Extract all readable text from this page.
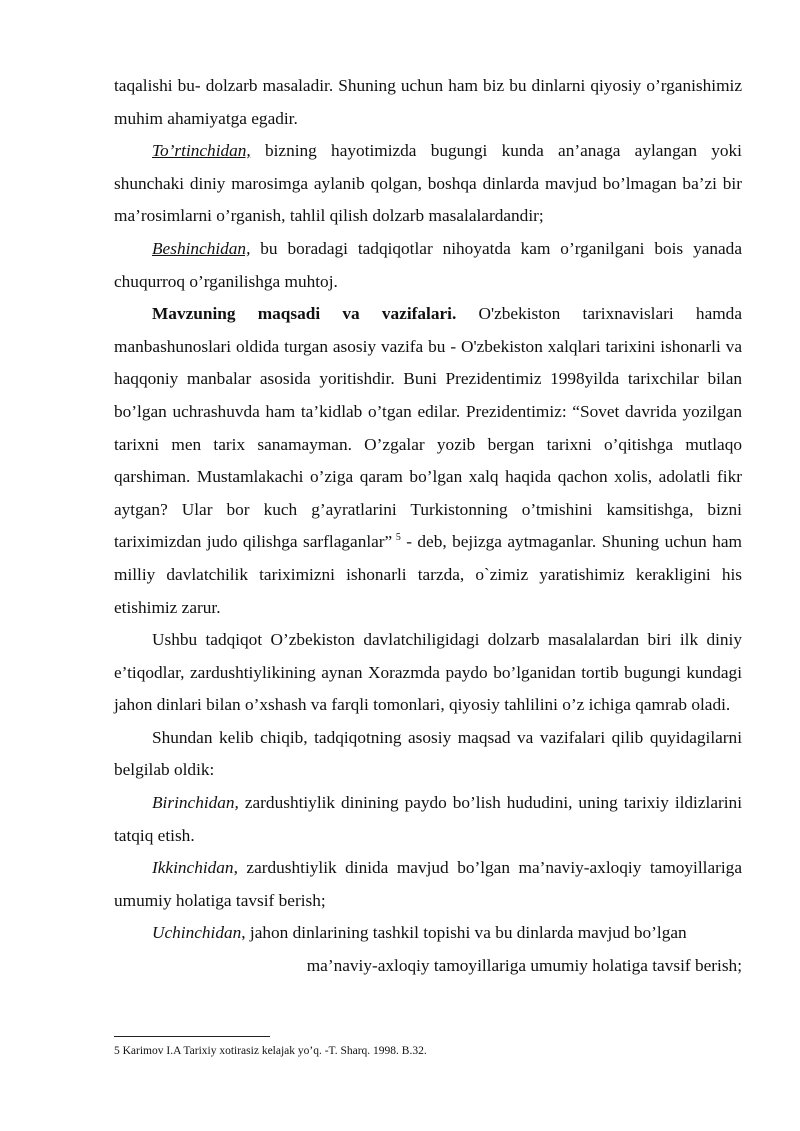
taqalishi bu- dolzarb masaladir. Shuning uchun ham biz bu dinlarni qiyosiy o’rganishimiz muhim ahamiyatga egadir.

To’rtinchidan, bizning hayotimizda bugungi kunda an’anaga aylangan yoki shunchaki diniy marosimga aylanib qolgan, boshqa dinlarda mavjud bo’lmagan ba’zi bir ma’rosimlarni o’rganish, tahlil qilish dolzarb masalalardandir;

Beshinchidan, bu boradagi tadqiqotlar nihoyatda kam o’rganilgani bois yanada chuqurroq o’rganilishga muhtoj.

Mavzuning maqsadi va vazifalari. O'zbekiston tarixnavislari hamda manbashunoslari oldida turgan asosiy vazifa bu - O'zbekiston xalqlari tarixini ishonarli va haqqoniy manbalar asosida yoritishdir. Buni Prezidentimiz 1998yilda tarixchilar bilan bo’lgan uchrashuvda ham ta’kidlab o’tgan edilar. Prezidentimiz: “Sovet davrida yozilgan tarixni men tarix sanamayman. O’zgalar yozib bergan tarixni o’qitishga mutlaqo qarshiman. Mustamlakachi o’ziga qaram bo’lgan xalq haqida qachon xolis, adolatli fikr aytgan? Ular bor kuch g’ayratlarini Turkistonning o’tmishini kamsitishga, bizni tariximizdan judo qilishga sarflaganlar” $^5$ - deb, bejizga aytmaganlar. Shuning uchun ham milliy davlatchilik tariximizni ishonarli tarzda, o`zimiz yaratishimiz kerakligini his etishimiz zarur.

Ushbu tadqiqot O’zbekiston davlatchiligidagi dolzarb masalalardan biri ilk diniy e’tiqodlar, zardushtiylikining aynan Xorazmda paydo bo’lganidan tortib bugungi kundagi jahon dinlari bilan o’xshash va farqli tomonlari, qiyosiy tahlilini o’z ichiga qamrab oladi.

Shundan kelib chiqib, tadqiqotning asosiy maqsad va vazifalari qilib quyidagilarni belgilab oldik:

Birinchidan, zardushtiylik dinining paydo bo’lish hududini, uning tarixiy ildizlarini tatqiq etish.

Ikkinchidan, zardushtiylik dinida mavjud bo’lgan ma’naviy-axloqiy tamoyillariga umumiy holatiga tavsif berish;

Uchinchidan, jahon dinlarining tashkil topishi va bu dinlarda mavjud bo’lgan

ma’naviy-axloqiy tamoyillariga umumiy holatiga tavsif berish;

5 Karimov I.A Tarixiy xotirasiz kelajak yo’q. -T. Sharq. 1998. B.32.
